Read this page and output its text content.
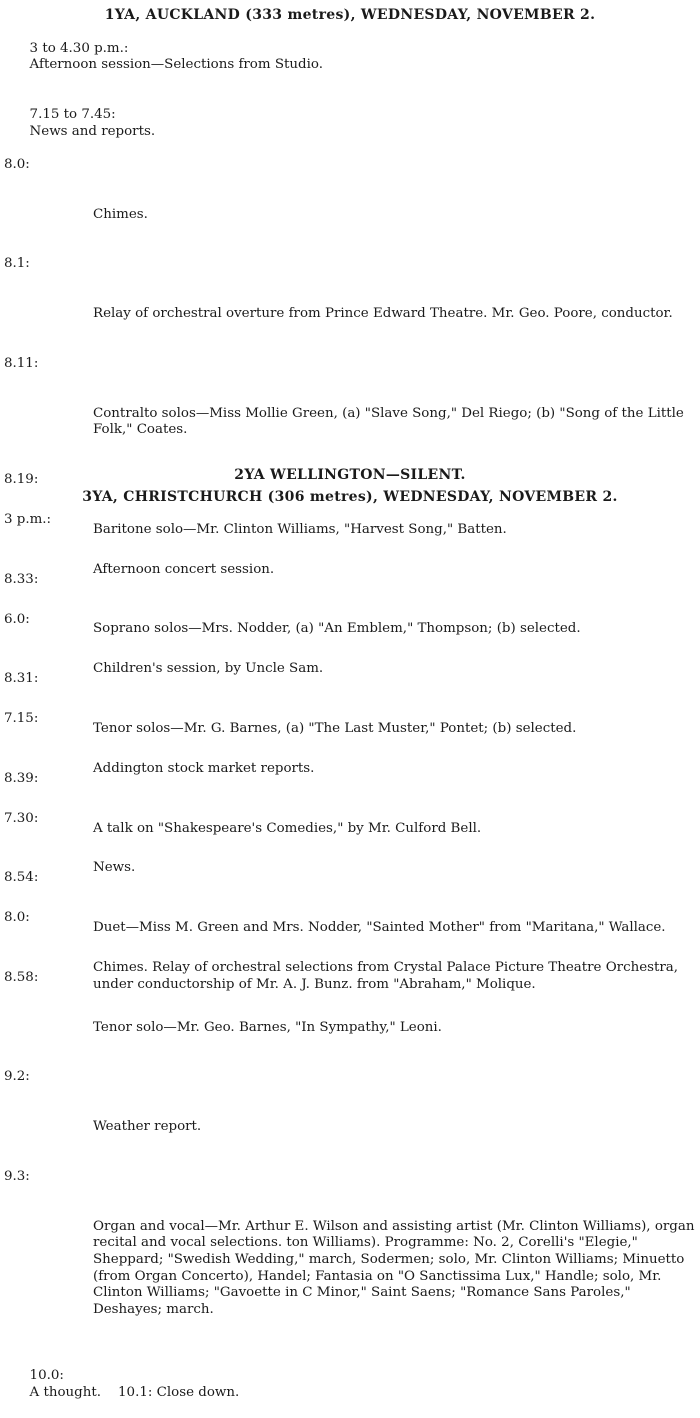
1YA, AUCKLAND (333 metres), WEDNESDAY, NOVEMBER 2.

3 to 4.30 p.m.:
Afternoon session—Selections from Studio.

7.15 to 7.45:
News and reports.

8.0:

Chimes.

8.1:

Relay of orchestral overture from Prince Edward Theatre. Mr. Geo. Poore, conductor.

8.11:

Contralto solos—Miss Mollie Green, (a) "Slave Song," Del Riego; (b) "Song of the Little Folk," Coates.

8.19:

Baritone solo—Mr. Clinton Williams, "Harvest Song," Batten.

8.33:

Soprano solos—Mrs. Nodder, (a) "An Emblem," Thompson; (b) selected.

8.31:

Tenor solos—Mr. G. Barnes, (a) "The Last Muster," Pontet; (b) selected.

8.39:

A talk on "Shakespeare's Comedies," by Mr. Culford Bell.

8.54:

Duet—Miss M. Green and Mrs. Nodder, "Sainted Mother" from "Maritana," Wallace.

8.58:

Tenor solo—Mr. Geo. Barnes, "In Sympathy," Leoni.

9.2:

Weather report.

9.3:

Organ and vocal—Mr. Arthur E. Wilson and assisting artist (Mr. Clinton Williams), organ recital and vocal selections. ton Williams). Programme: No. 2, Corelli's "Elegie," Sheppard; "Swedish Wedding," march, Sodermen; solo, Mr. Clinton Williams; Minuetto (from Organ Concerto), Handel; Fantasia on "O Sanctissima Lux," Handle; solo, Mr. Clinton Williams; "Gavoette in C Minor," Saint Saens; "Romance Sans Paroles," Deshayes; march.

10.0:
A thought.    10.1: Close down.

2YA WELLINGTON—SILENT.
3YA, CHRISTCHURCH (306 metres), WEDNESDAY, NOVEMBER 2.

3 p.m.:

Afternoon concert session.

6.0:

Children's session, by Uncle Sam.

7.15:

Addington stock market reports.

7.30:

News.

8.0:

Chimes. Relay of orchestral selections from Crystal Palace Picture Theatre Orchestra, under conductorship of Mr. A. J. Bunz. from "Abraham," Molique.
